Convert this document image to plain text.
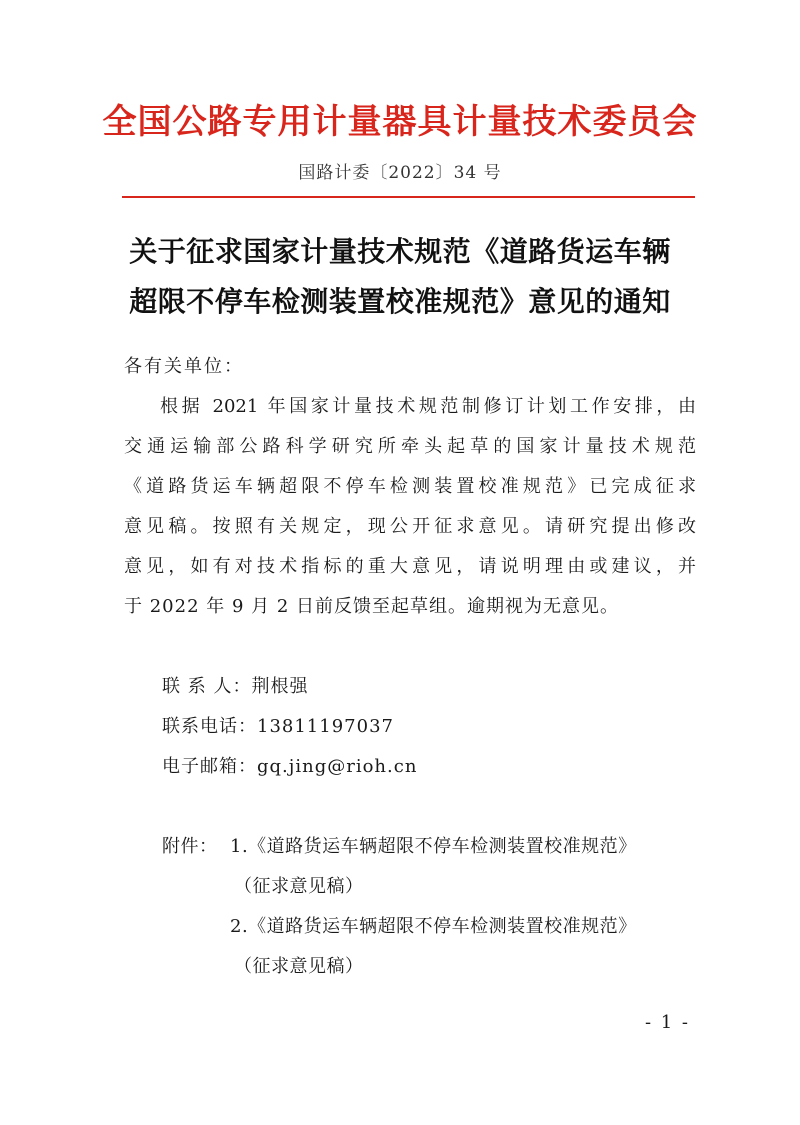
全国公路专用计量器具计量技术委员会
国路计委〔2022〕34 号
关于征求国家计量技术规范《道路货运车辆
超限不停车检测装置校准规范》意见的通知
各有关单位：
根据 2021 年国家计量技术规范制修订计划工作安排，由
交通运输部公路科学研究所牵头起草的国家计量技术规范
《道路货运车辆超限不停车检测装置校准规范》已完成征求
意见稿。按照有关规定，现公开征求意见。请研究提出修改
意见，如有对技术指标的重大意见，请说明理由或建议，并
于 2022 年 9 月 2 日前反馈至起草组。逾期视为无意见。
联 系 人：荆根强
联系电话：13811197037
电子邮箱：gq.jing@rioh.cn
附件： 1.《道路货运车辆超限不停车检测装置校准规范》
（征求意见稿）
2.《道路货运车辆超限不停车检测装置校准规范》
（征求意见稿）
- 1 -
